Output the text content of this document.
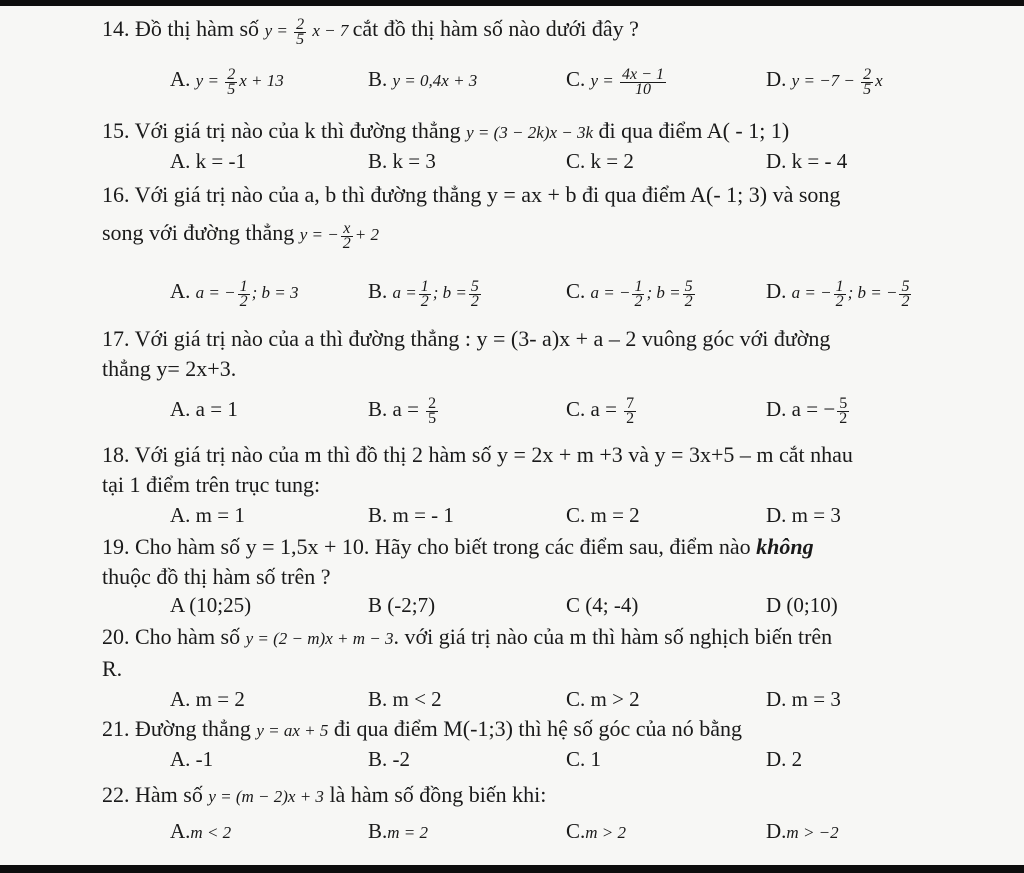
14. Đồ thị hàm số $y = \frac{2}{5}$ x − 7 cắt đồ thị hàm số nào dưới đây ?
A. $y = \frac{2}{5}$ x + 13	B. y = 0,4x + 3	C. $y = \frac{4x - 1}{10}$	D. $y = -7 - \frac{2}{5}$ x
15. Với giá trị nào của k thì đường thẳng y = (3 − 2k)x − 3k đi qua điểm A( - 1; 1)
A. k = -1	B. k = 3	C. k = 2	D. k = - 4
16. Với giá trị nào của a, b thì đường thẳng y = ax + b đi qua điểm A(- 1; 3) và song
song với đường thẳng y = − $\frac{x}{2} + 2$
A. a = − $\frac{1}{2}$ ; b = 3	B. $a = \frac{1}{2}$ ; $b = \frac{5}{2}$	C. a = − $\frac{1}{2}$ ; $b = \frac{5}{2}$	D. a = − $\frac{1}{2}$ ; b = − $\frac{5}{2}$
17. Với giá trị nào của a thì đường thẳng : y = (3- a)x + a – 2 vuông góc với đường
thẳng y= 2x+3.
A. a = 1	B. $a = \frac{2}{5}$	C. $a = \frac{7}{2}$	D. a = − $\frac{5}{2}$
18. Với giá trị nào của m thì đồ thị 2 hàm số y = 2x + m +3 và y = 3x+5 – m cắt nhau
tại 1 điểm trên trục tung:
A. m = 1	B. m = - 1	C. m = 2	D. m = 3
19. Cho hàm số y = 1,5x + 10. Hãy cho biết trong các điểm sau, điểm nào không
thuộc đồ thị hàm số trên ?
A (10;25)	B (-2;7)	C (4; -4)	D (0;10)
20. Cho hàm số y = (2 − m)x + m − 3. với giá trị nào của m thì hàm số nghịch biến trên
R.
A. m = 2	B. m < 2	C. m > 2	D. m = 3
21. Đường thẳng y = ax + 5 đi qua điểm M(-1;3) thì hệ số góc của nó bằng
A. -1	B. -2	C. 1	D. 2
22. Hàm số y = (m − 2)x + 3 là hàm số đồng biến khi:
A.m < 2	B.m = 2	C.m > 2	D.m > −2
